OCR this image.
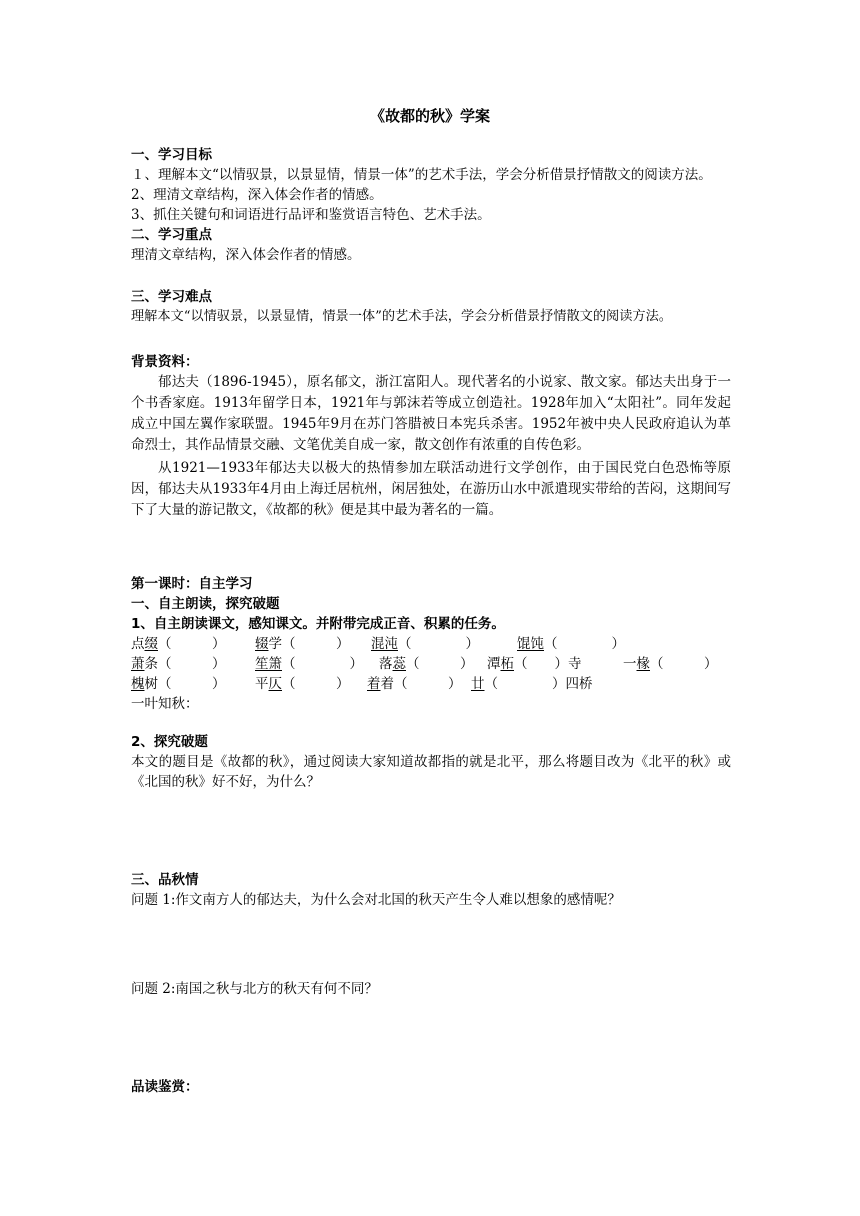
《故都的秋》学案
一、学习目标
１、理解本文“以情驭景，以景显情，情景一体”的艺术手法，学会分析借景抒情散文的阅读方法。
2、理清文章结构，深入体会作者的情感。
3、抓住关键句和词语进行品评和鉴赏语言特色、艺术手法。
二、学习重点
理清文章结构，深入体会作者的情感。
三、学习难点
理解本文“以情驭景，以景显情，情景一体”的艺术手法，学会分析借景抒情散文的阅读方法。
背景资料：
郁达夫（1896-1945），原名郁文，浙江富阳人。现代著名的小说家、散文家。郁达夫出身于一个书香家庭。1913年留学日本，1921年与郭沫若等成立创造社。1928年加入“太阳社”。同年发起成立中国左翼作家联盟。1945年9月在苏门答腊被日本宪兵杀害。1952年被中央人民政府追认为革命烈士，其作品情景交融、文笔优美自成一家，散文创作有浓重的自传色彩。
从1921—1933年郁达夫以极大的热情参加左联活动进行文学创作，由于国民党白色恐怖等原因，郁达夫从1933年4月由上海迁居杭州，闲居独处，在游历山水中派遣现实带给的苦闷，这期间写下了大量的游记散文，《故都的秋》便是其中最为著名的一篇。
第一课时：自主学习
一、自主朗读，探究破题
1、自主朗读课文，感知课文。并附带完成正音、积累的任务。
点缀（　　　） 辍学（　　　） 混沌（　　　　）	馄饨（　　　　）
萧条（　　　） 笙箫（　　　　） 落蕊（　　　） 潭柘（　　）寺	一椽（　　　）
槐树（　　　） 平仄（　　　） 着着（　　　） 廿（　　　　）四桥
一叶知秋：
2、探究破题
本文的题目是《故都的秋》，通过阅读大家知道故都指的就是北平，那么将题目改为《北平的秋》或《北国的秋》好不好，为什么？
三、品秋情
问题 1:作文南方人的郁达夫，为什么会对北国的秋天产生令人难以想象的感情呢？
问题 2:南国之秋与北方的秋天有何不同？
品读鉴赏：
